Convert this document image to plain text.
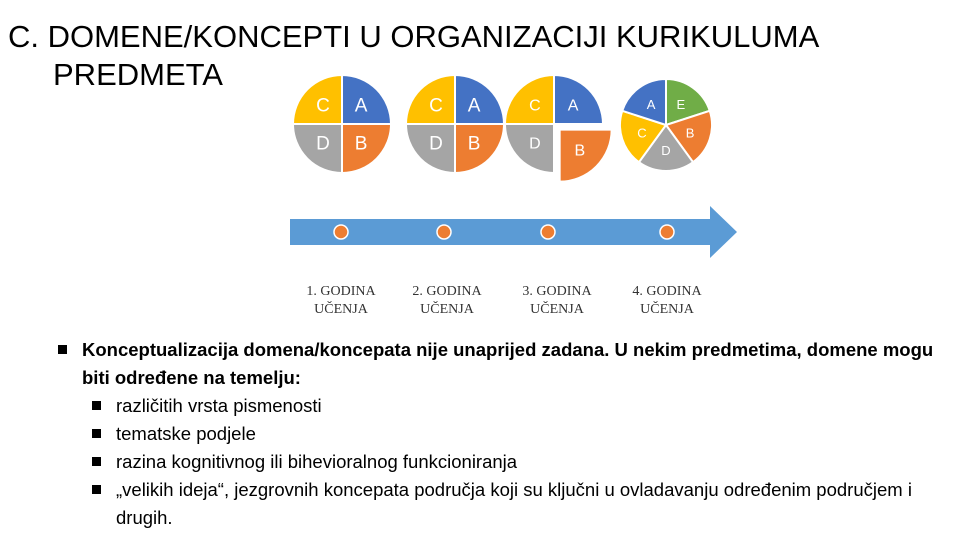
C. DOMENE/KONCEPTI U ORGANIZACIJI KURIKULUMA
PREDMETA
A
B
D
C	A
B
D
C	A
B
D
C	E
B
D
C
A
1. GODINA
UČENJA
2. GODINA
UČENJA
3. GODINA
UČENJA
4. GODINA
UČENJA
Konceptualizacija domena/koncepata nije unaprijed zadana. U nekim predmetima, domene mogu biti određene na temelju:
različitih vrsta pismenosti
tematske podjele
razina kognitivnog ili bihevioralnog funkcioniranja
„velikih ideja“, jezgrovnih koncepata područja koji su ključni u ovladavanju određenim područjem i drugih.
